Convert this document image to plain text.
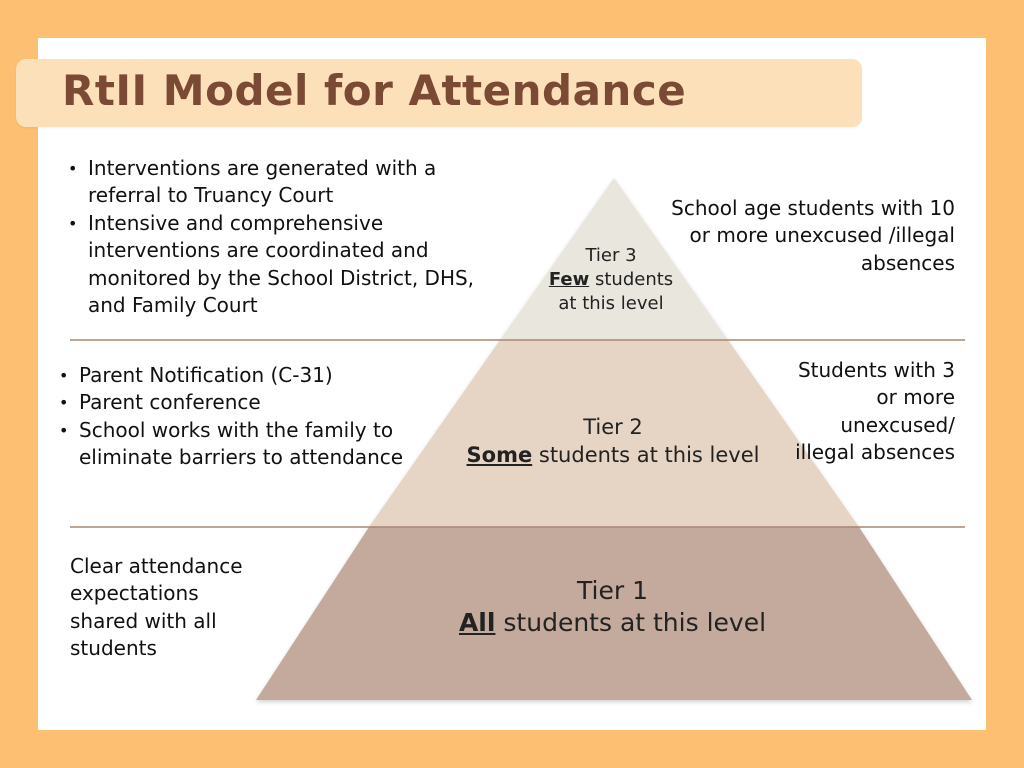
RtII Model for Attendance
Tier 3
Few students
at this level
Tier 2
Some students at this level
Tier 1
All students at this level
• Interventions are generated with a referral to Truancy Court
• Intensive and comprehensive interventions are coordinated and monitored by the School District, DHS, and Family Court
• Parent Notification (C-31)
• Parent conference
• School works with the family to eliminate barriers to attendance
Clear attendance expectations shared with all students
School age students with 10 or more unexcused /illegal absences
Students with 3 or more unexcused/ illegal absences
